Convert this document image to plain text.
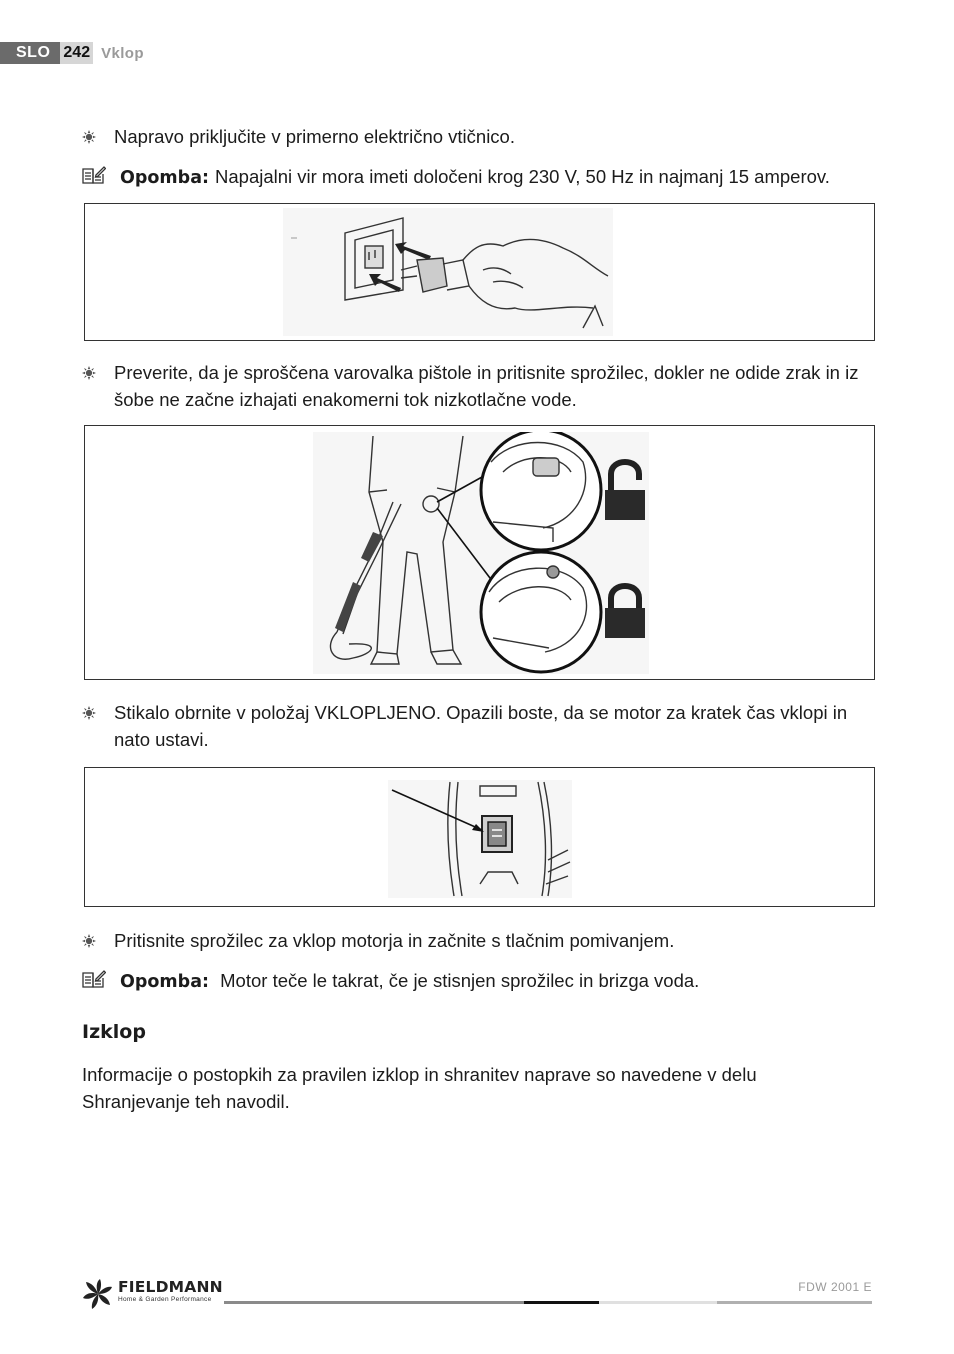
SLO 242 Vklop
Napravo priključite v primerno električno vtičnico.
Opomba: Napajalni vir mora imeti določeni krog 230 V, 50 Hz in najmanj 15 amperov.
Preverite, da je sproščena varovalka pištole in pritisnite sprožilec, dokler ne odide zrak in iz šobe ne začne izhajati enakomerni tok nizkotlačne vode.
Stikalo obrnite v položaj VKLOPLJENO. Opazili boste, da se motor za kratek čas vklopi in nato ustavi.
Pritisnite sprožilec za vklop motorja in začnite s tlačnim pomivanjem.
Opomba: Motor teče le takrat, če je stisnjen sprožilec in brizga voda.
Izklop
Informacije o postopkih za pravilen izklop in shranitev naprave so navedene v delu Shranjevanje teh navodil.
FIELDMANN
Home & Garden Performance
FDW 2001 E
